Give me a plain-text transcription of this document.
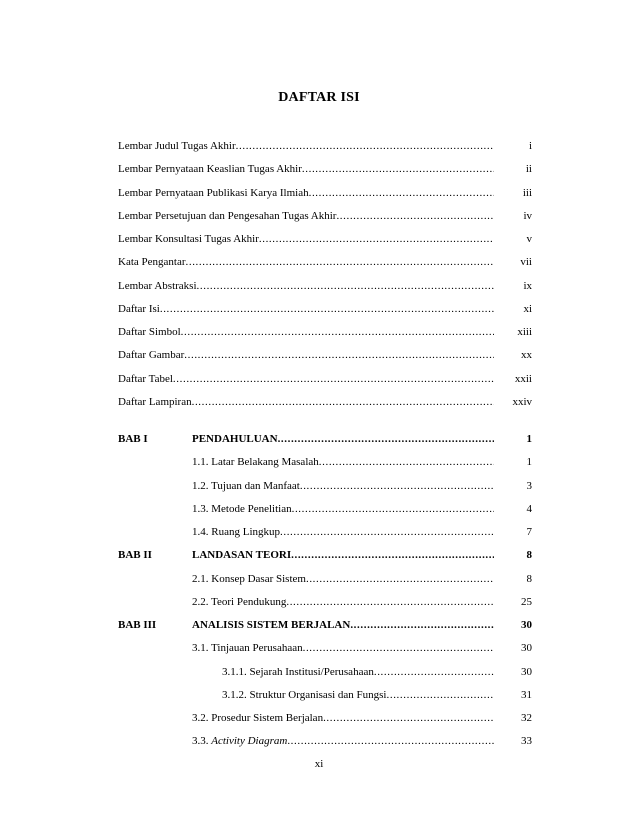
DAFTAR ISI
Lembar Judul Tugas Akhir .....	i
Lembar Pernyataan Keaslian Tugas Akhir .....	ii
Lembar Pernyataan Publikasi Karya Ilmiah .....	iii
Lembar Persetujuan dan Pengesahan Tugas Akhir .....	iv
Lembar Konsultasi Tugas Akhir .....	v
Kata Pengantar .....	vii
Lembar Abstraksi .....	ix
Daftar Isi .....	xi
Daftar Simbol .....	xiii
Daftar Gambar .....	xx
Daftar Tabel .....	xxii
Daftar Lampiran .....	xxiv
BAB I	PENDAHULUAN .....	1
1.1. Latar Belakang Masalah .....	1
1.2. Tujuan dan Manfaat .....	3
1.3. Metode Penelitian .....	4
1.4. Ruang Lingkup .....	7
BAB II	LANDASAN TEORI .....	8
2.1. Konsep Dasar Sistem .....	8
2.2. Teori Pendukung .....	25
BAB III	ANALISIS SISTEM BERJALAN .....	30
3.1. Tinjauan Perusahaan .....	30
3.1.1. Sejarah Institusi/Perusahaan .....	30
3.1.2. Struktur Organisasi dan Fungsi .....	31
3.2. Prosedur Sistem Berjalan .....	32
3.3. Activity Diagram .....	33
xi
